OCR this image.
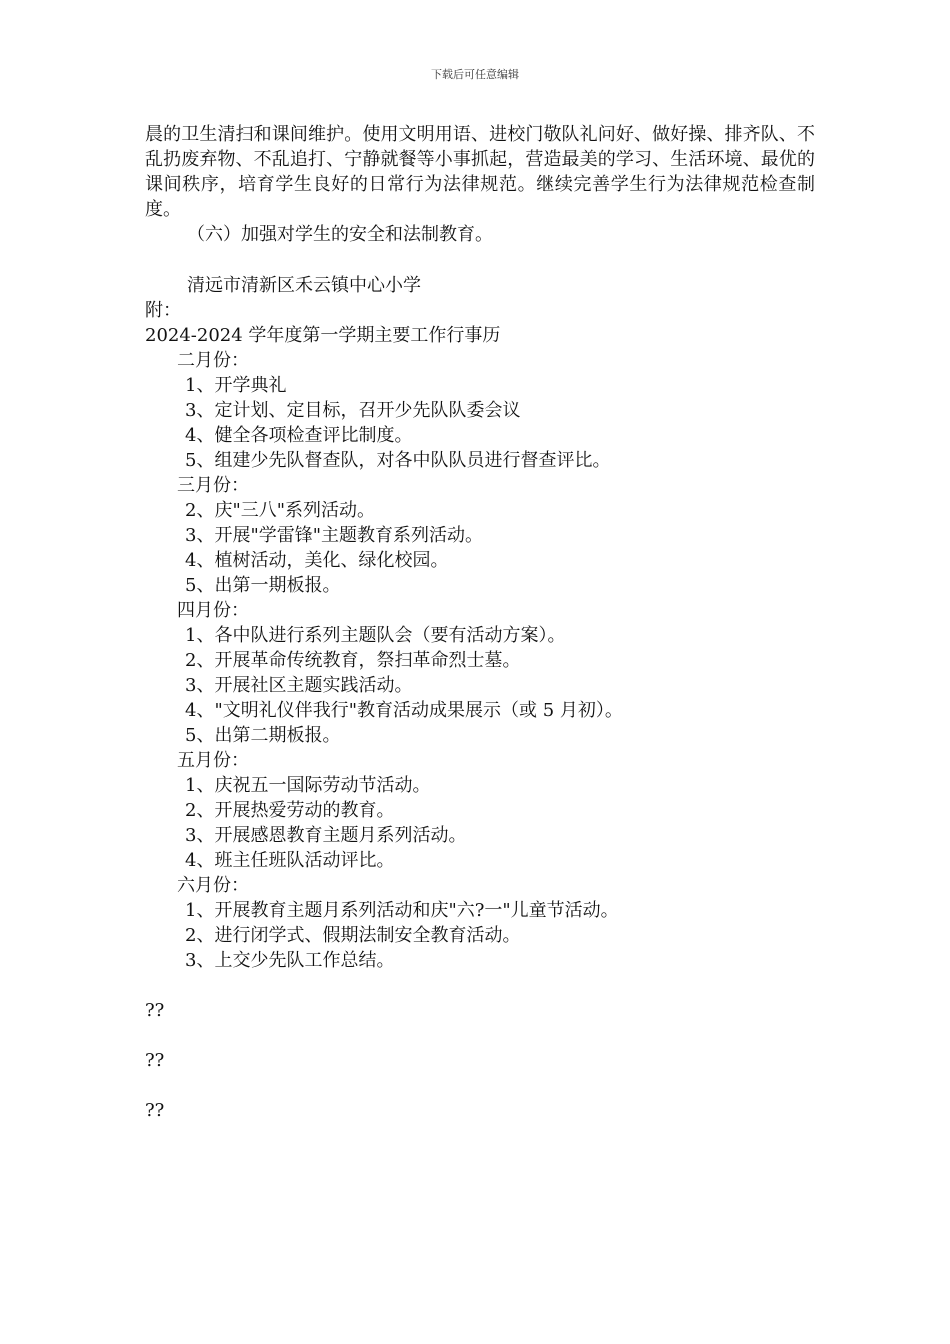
下载后可任意编辑

晨的卫生清扫和课间维护。使用文明用语、进校门敬队礼问好、做好操、排齐队、不乱扔废弃物、不乱追打、宁静就餐等小事抓起，营造最美的学习、生活环境、最优的课间秩序，培育学生良好的日常行为法律规范。继续完善学生行为法律规范检查制度。

（六）加强对学生的安全和法制教育。
清远市清新区禾云镇中心小学
附：
2024-2024 学年度第一学期主要工作行事历
二月份：
1、开学典礼
3、定计划、定目标，召开少先队队委会议
4、健全各项检查评比制度。
5、组建少先队督查队，对各中队队员进行督查评比。
三月份：
2、庆"三八"系列活动。
3、开展"学雷锋"主题教育系列活动。
4、植树活动，美化、绿化校园。
5、出第一期板报。
四月份：
1、各中队进行系列主题队会（要有活动方案）。
2、开展革命传统教育，祭扫革命烈士墓。
3、开展社区主题实践活动。
4、"文明礼仪伴我行"教育活动成果展示（或 5 月初）。
5、出第二期板报。
五月份：
1、庆祝五一国际劳动节活动。
2、开展热爱劳动的教育。
3、开展感恩教育主题月系列活动。
4、班主任班队活动评比。
六月份：
1、开展教育主题月系列活动和庆"六?一"儿童节活动。
2、进行闭学式、假期法制安全教育活动。
3、上交少先队工作总结。
??
??
??
